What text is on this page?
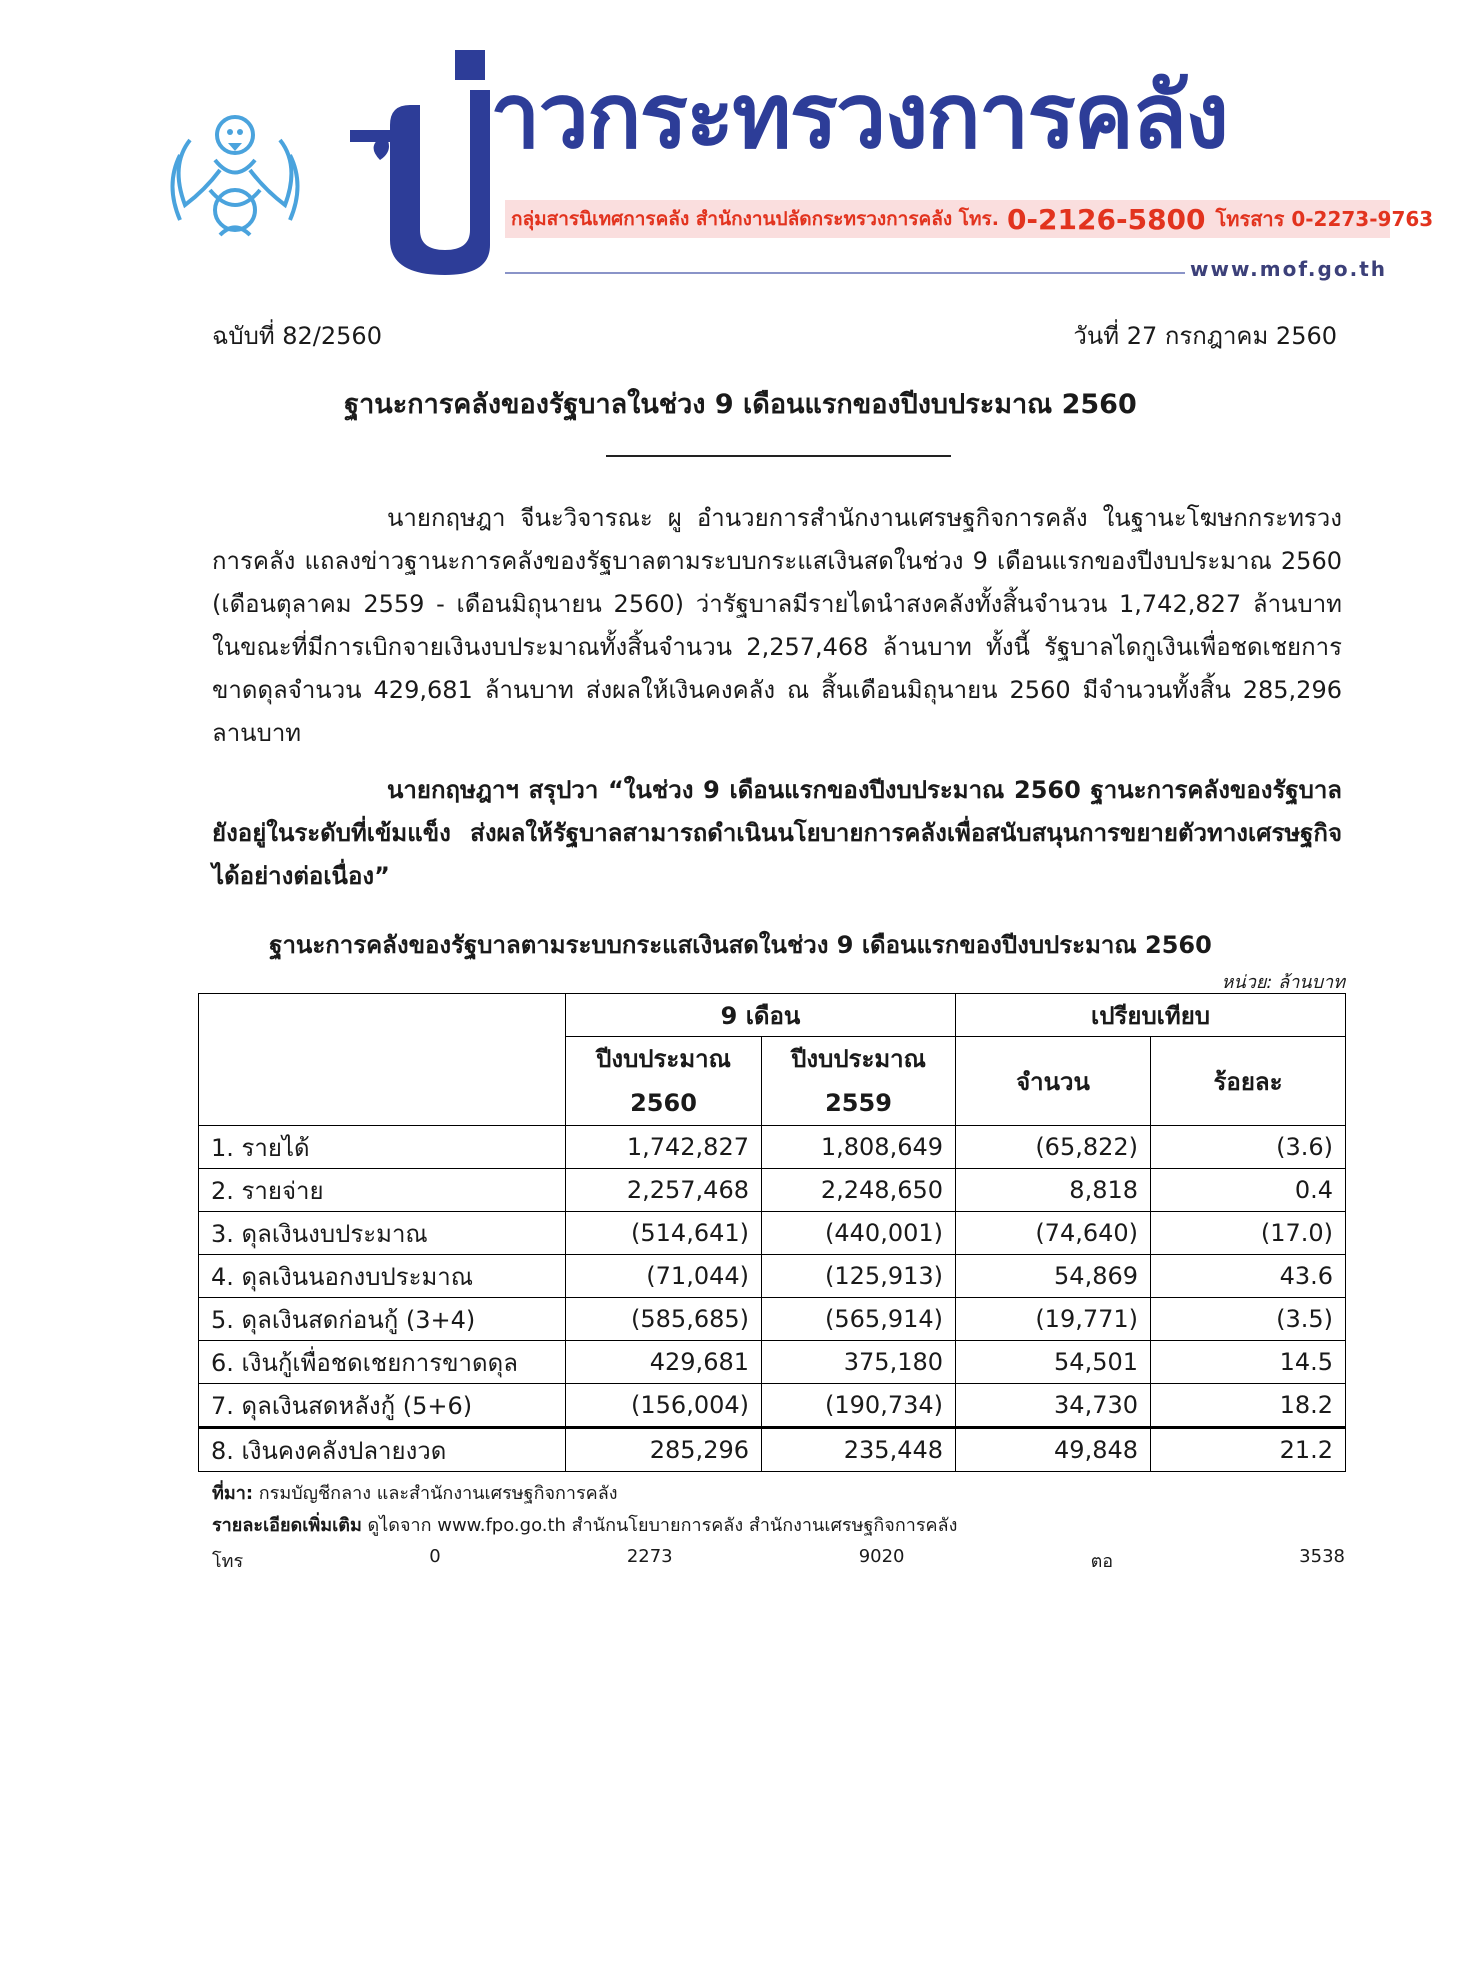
าวกระทรวงการคลัง
กลุ่มสารนิเทศการคลัง สำนักงานปลัดกระทรวงการคลัง โทร. 0-2126-5800 โทรสาร 0-2273-9763
www.mof.go.th
ฉบับที่ 82/2560	วันที่ 27 กรกฎาคม 2560
ฐานะการคลังของรัฐบาลในช่วง 9 เดือนแรกของปีงบประมาณ 2560

นายกฤษฎา จีนะวิจารณะ ผู อำนวยการสำนักงานเศรษฐกิจการคลัง ในฐานะโฆษกกระทรวงการคลัง แถลงข่าวฐานะการคลังของรัฐบาลตามระบบกระแสเงินสดในช่วง 9 เดือนแรกของปีงบประมาณ 2560 (เดือนตุลาคม 2559 - เดือนมิถุนายน 2560) ว่ารัฐบาลมีรายไดนำสงคลังทั้งสิ้นจำนวน 1,742,827 ล้านบาท ในขณะที่มีการเบิกจายเงินงบประมาณทั้งสิ้นจำนวน 2,257,468 ล้านบาท ทั้งนี้ รัฐบาลไดกูเงินเพื่อชดเชยการขาดดุลจำนวน 429,681 ล้านบาท ส่งผลให้เงินคงคลัง ณ สิ้นเดือนมิถุนายน 2560 มีจำนวนทั้งสิ้น 285,296 ลานบาท

นายกฤษฎาฯ สรุปวา “ในช่วง 9 เดือนแรกของปีงบประมาณ 2560 ฐานะการคลังของรัฐบาลยังอยู่ในระดับที่เข้มแข็ง ส่งผลให้รัฐบาลสามารถดำเนินนโยบายการคลังเพื่อสนับสนุนการขยายตัวทางเศรษฐกิจได้อย่างต่อเนื่อง”

ฐานะการคลังของรัฐบาลตามระบบกระแสเงินสดในช่วง 9 เดือนแรกของปีงบประมาณ 2560
หน่วย: ล้านบาท
	9 เดือน		เปรียบเทียบ	
	ปีงบประมาณ 2560	ปีงบประมาณ 2559	จำนวน	ร้อยละ

1. รายได้	1,742,827	1,808,649	(65,822)	(3.6)
2. รายจ่าย	2,257,468	2,248,650	8,818	0.4
3. ดุลเงินงบประมาณ	(514,641)	(440,001)	(74,640)	(17.0)
4. ดุลเงินนอกงบประมาณ	(71,044)	(125,913)	54,869	43.6
5. ดุลเงินสดก่อนกู้ (3+4)	(585,685)	(565,914)	(19,771)	(3.5)
6. เงินกู้เพื่อชดเชยการขาดดุล	429,681	375,180	54,501	14.5
7. ดุลเงินสดหลังกู้ (5+6)	(156,004)	(190,734)	34,730	18.2
8. เงินคงคลังปลายงวด	285,296	235,448	49,848	21.2
ที่มา: กรมบัญชีกลาง และสำนักงานเศรษฐกิจการคลัง
รายละเอียดเพิ่มเติม ดูไดจาก www.fpo.go.th สำนักนโยบายการคลัง สำนักงานเศรษฐกิจการคลัง
โทร	0	2273	9020	ตอ	3538
